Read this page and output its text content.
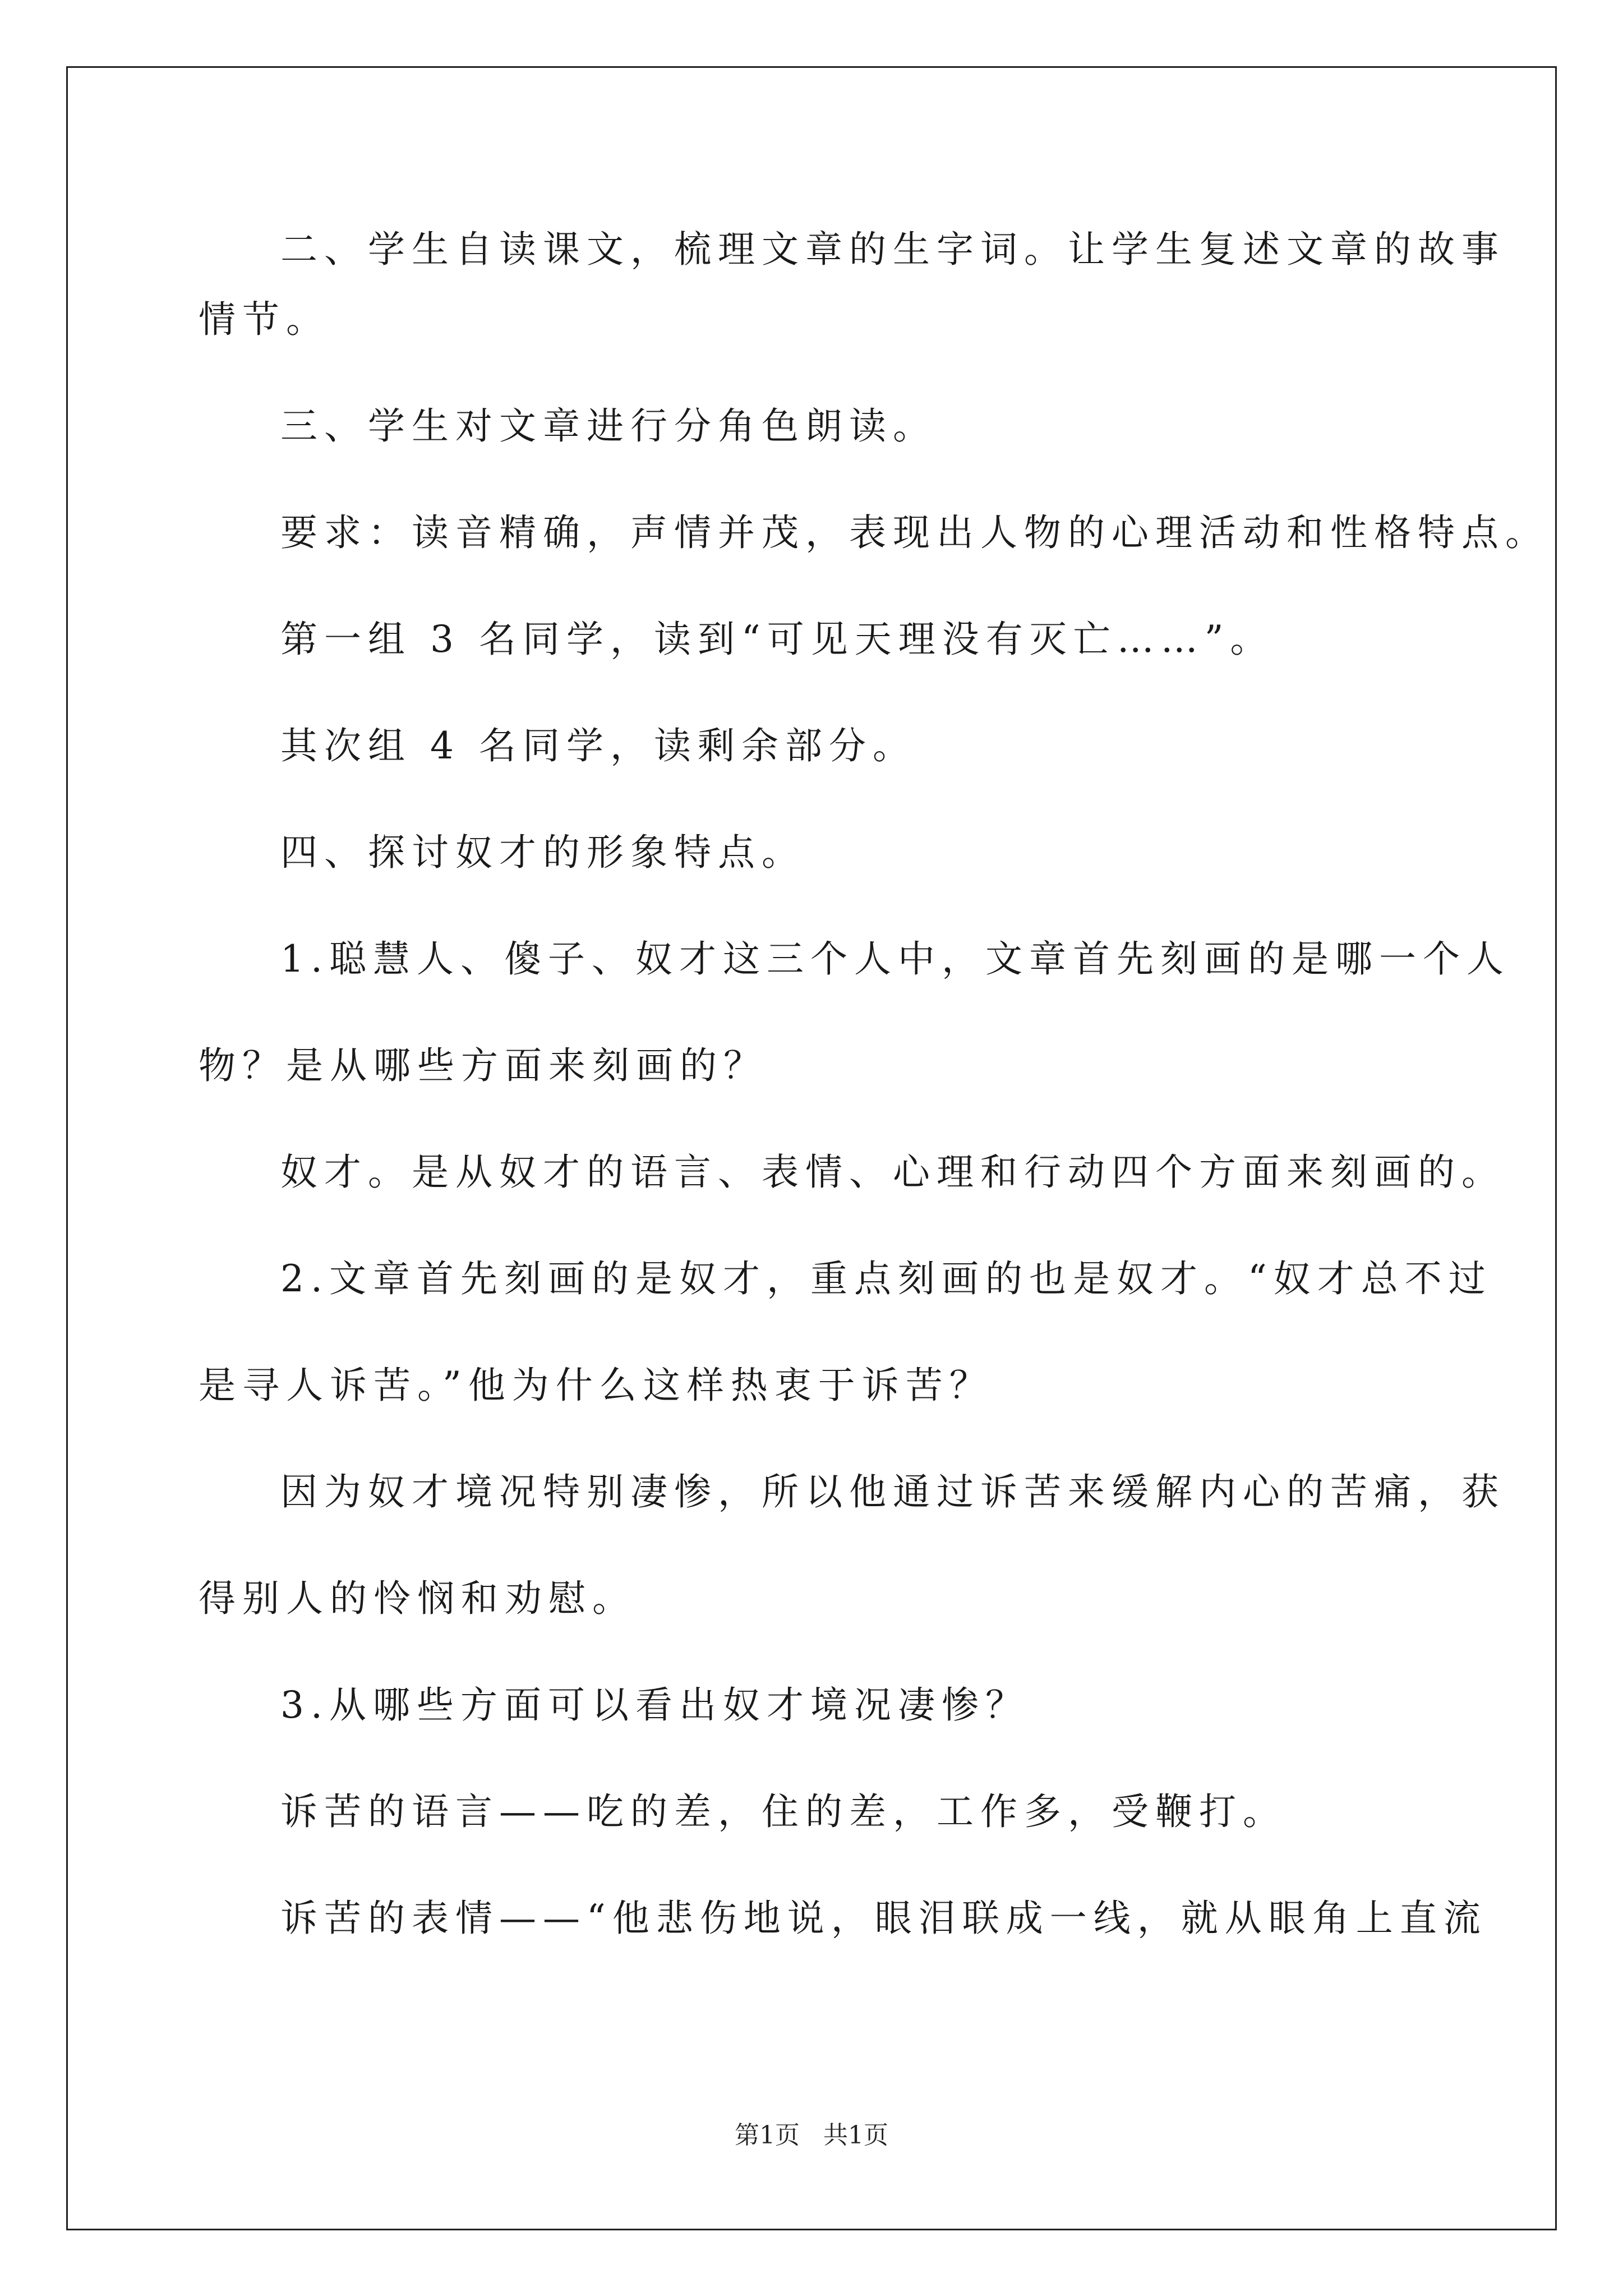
二、学生自读课文，梳理文章的生字词。让学生复述文章的故事
情节。
三、学生对文章进行分角色朗读。
要求：读音精确，声情并茂，表现出人物的心理活动和性格特点。
第一组 3 名同学，读到“可见天理没有灭亡……”。
其次组 4 名同学，读剩余部分。
四、探讨奴才的形象特点。
1.聪慧人、傻子、奴才这三个人中，文章首先刻画的是哪一个人
物？是从哪些方面来刻画的？
奴才。是从奴才的语言、表情、心理和行动四个方面来刻画的。
2.文章首先刻画的是奴才，重点刻画的也是奴才。“奴才总不过
是寻人诉苦。”他为什么这样热衷于诉苦？
因为奴才境况特别凄惨，所以他通过诉苦来缓解内心的苦痛，获
得别人的怜悯和劝慰。
3.从哪些方面可以看出奴才境况凄惨？
诉苦的语言——吃的差，住的差，工作多，受鞭打。
诉苦的表情——“他悲伤地说，眼泪联成一线，就从眼角上直流
第1页   共1页
